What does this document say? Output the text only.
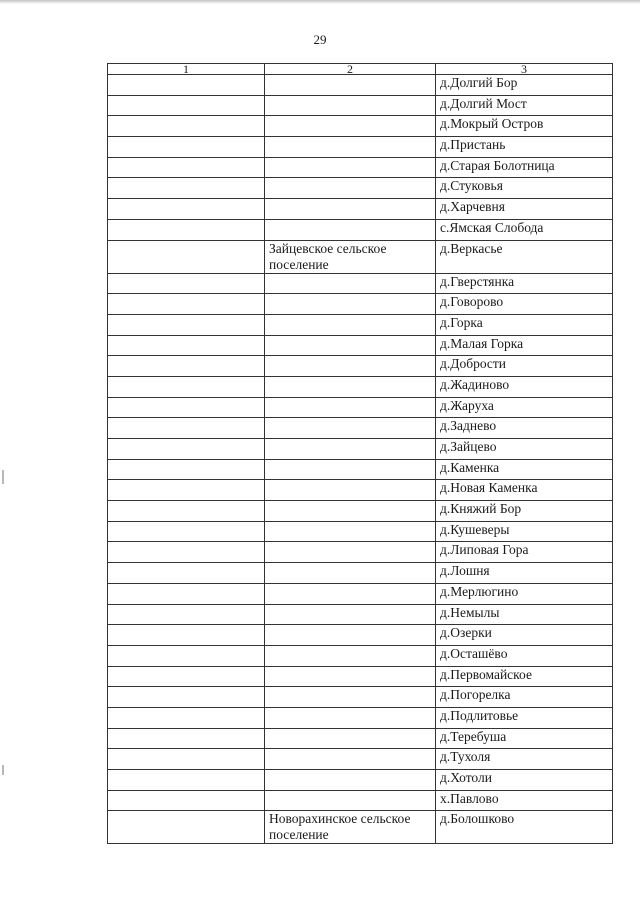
29
1	2	3
		д.Долгий Бор
		д.Долгий Мост
		д.Мокрый Остров
		д.Пристань
		д.Старая Болотница
		д.Стуковья
		д.Харчевня
		с.Ямская Слобода
	Зайцевское сельское поселение	д.Веркасье
		д.Гверстянка
		д.Говорово
		д.Горка
		д.Малая Горка
		д.Добрости
		д.Жадиново
		д.Жаруха
		д.Заднево
		д.Зайцево
		д.Каменка
		д.Новая Каменка
		д.Княжий Бор
		д.Кушеверы
		д.Липовая Гора
		д.Лошня
		д.Мерлюгино
		д.Немылы
		д.Озерки
		д.Осташёво
		д.Первомайское
		д.Погорелка
		д.Подлитовье
		д.Теребуша
		д.Тухоля
		д.Хотоли
		х.Павлово
	Новорахинское сельское поселение	д.Болошково
